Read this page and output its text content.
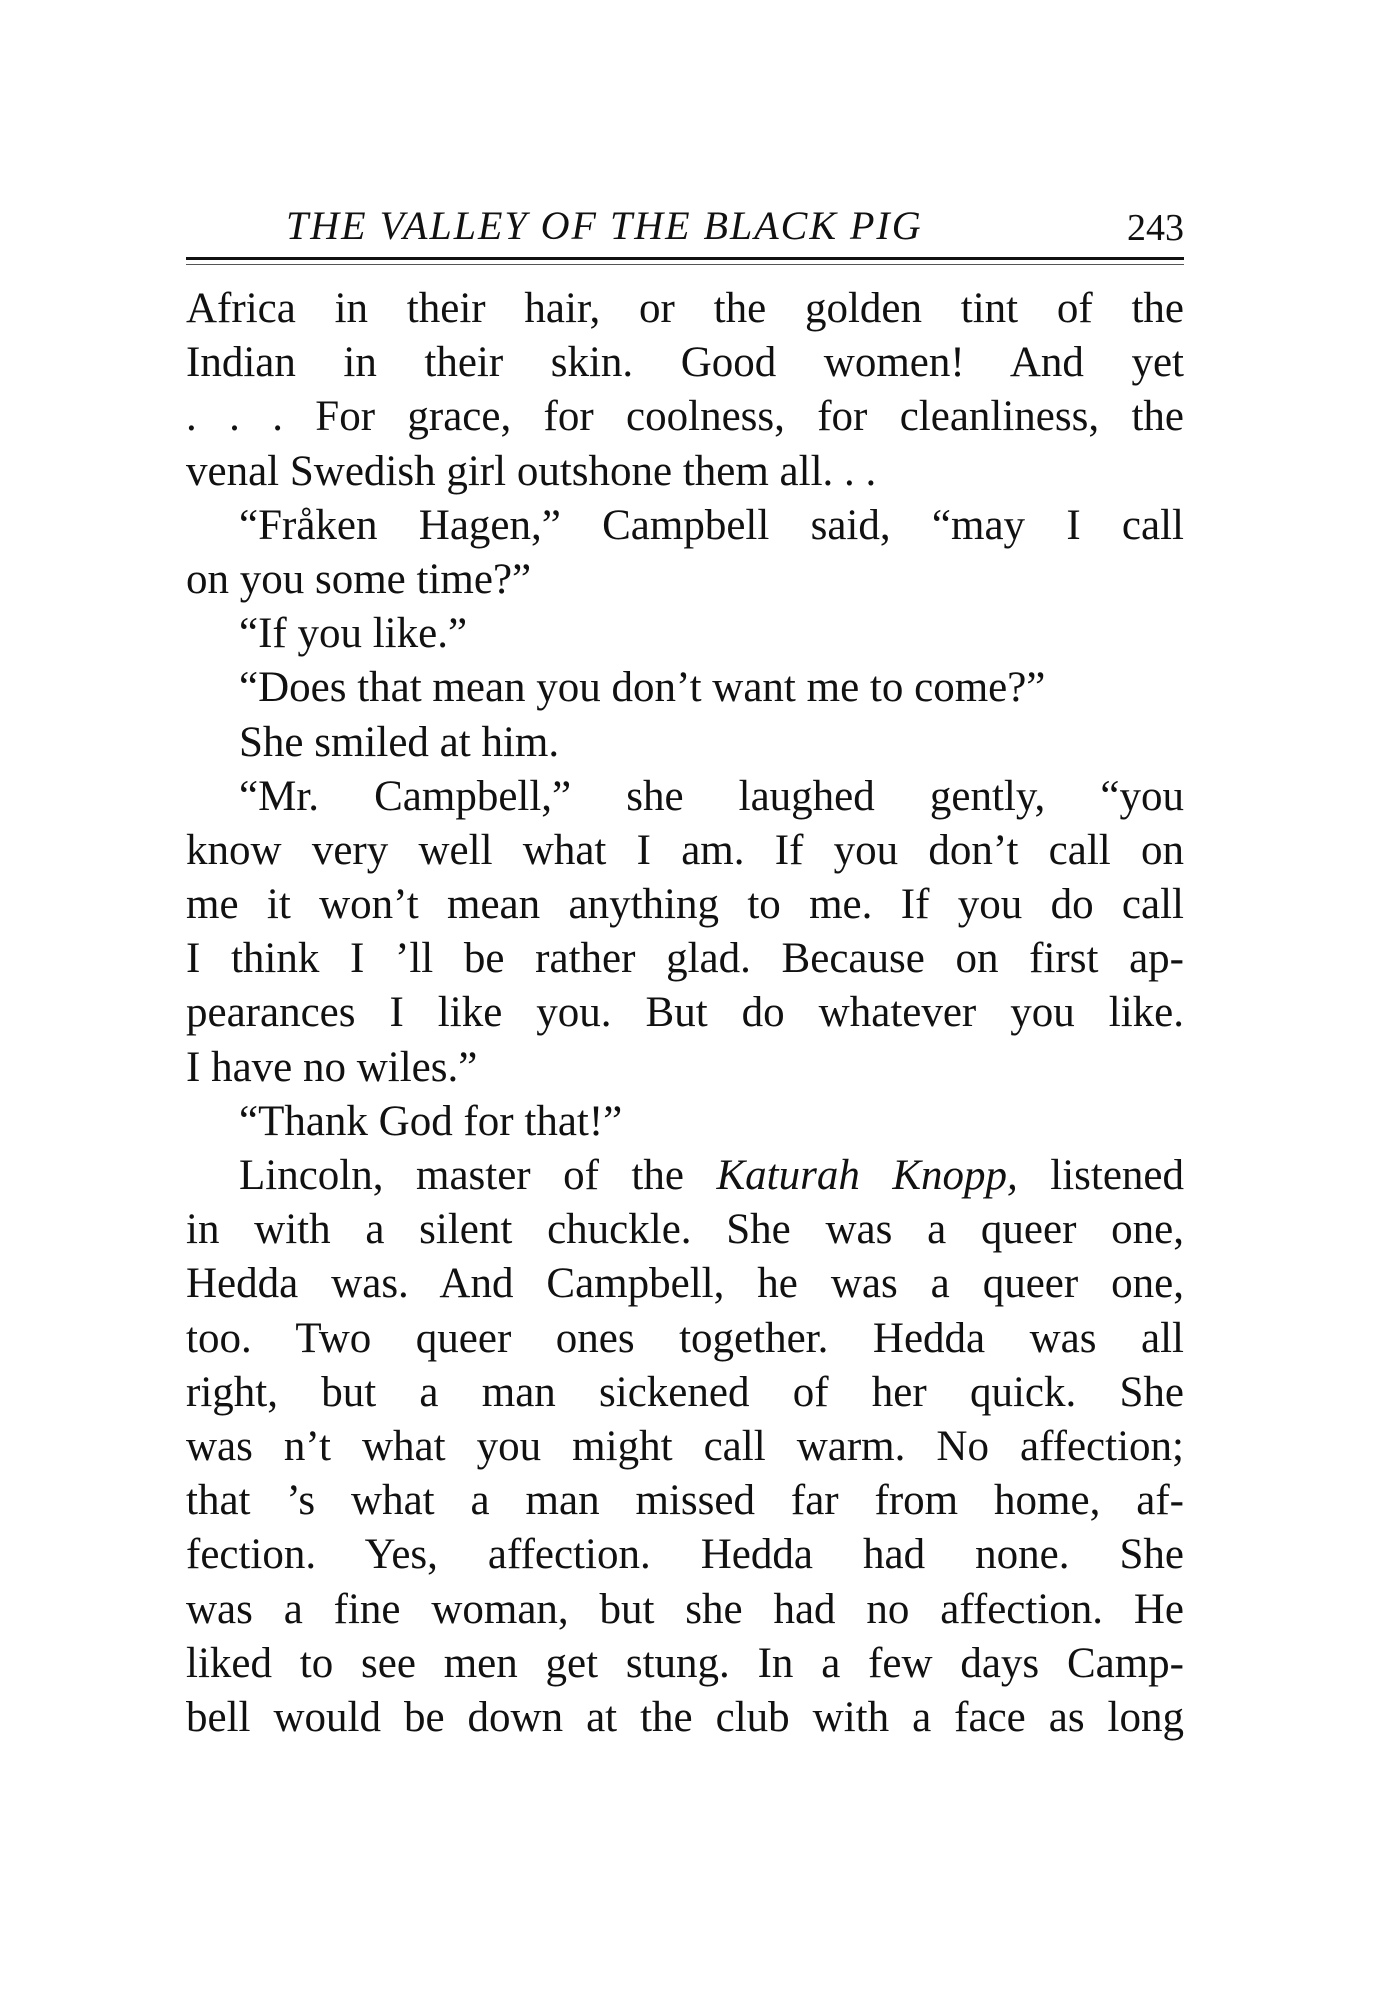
THE VALLEY OF THE BLACK PIG	243
Africa in their hair, or the golden tint of the
Indian in their skin. Good women! And yet
. . . For grace, for coolness, for cleanliness, the
venal Swedish girl outshone them all. . .
“Fråken Hagen,” Campbell said, “may I call
on you some time?”
“If you like.”
“Does that mean you don’t want me to come?”
She smiled at him.
“Mr. Campbell,” she laughed gently, “you
know very well what I am. If you don’t call on
me it won’t mean anything to me. If you do call
I think I ’ll be rather glad. Because on first ap-
pearances I like you. But do whatever you like.
I have no wiles.”
“Thank God for that!”
Lincoln, master of the Katurah Knopp, listened
in with a silent chuckle. She was a queer one,
Hedda was. And Campbell, he was a queer one,
too. Two queer ones together. Hedda was all
right, but a man sickened of her quick. She
was n’t what you might call warm. No affection;
that ’s what a man missed far from home, af-
fection. Yes, affection. Hedda had none. She
was a fine woman, but she had no affection. He
liked to see men get stung. In a few days Camp-
bell would be down at the club with a face as long
